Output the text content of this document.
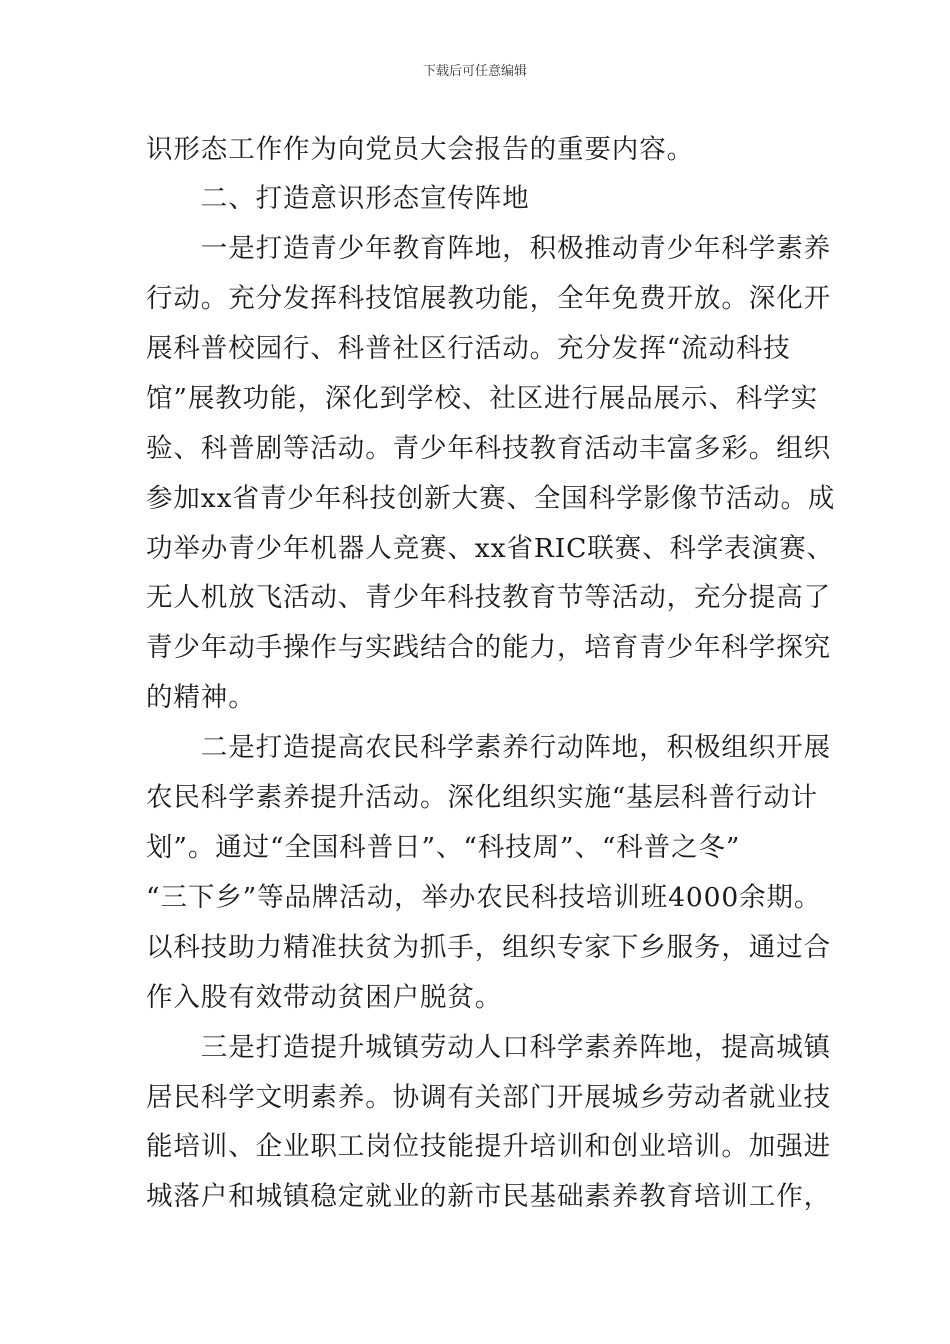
下载后可任意编辑
识形态工作作为向党员大会报告的重要内容。
　　二、打造意识形态宣传阵地
　　一是打造青少年教育阵地，积极推动青少年科学素养
行动。充分发挥科技馆展教功能，全年免费开放。深化开
展科普校园行、科普社区行活动。充分发挥“流动科技
馆”展教功能，深化到学校、社区进行展品展示、科学实
验、科普剧等活动。青少年科技教育活动丰富多彩。组织
参加xx省青少年科技创新大赛、全国科学影像节活动。成
功举办青少年机器人竞赛、xx省RIC联赛、科学表演赛、
无人机放飞活动、青少年科技教育节等活动，充分提高了
青少年动手操作与实践结合的能力，培育青少年科学探究
的精神。
　　二是打造提高农民科学素养行动阵地，积极组织开展
农民科学素养提升活动。深化组织实施“基层科普行动计
划”。通过“全国科普日”、“科技周”、“科普之冬”
“三下乡”等品牌活动，举办农民科技培训班4000余期。
以科技助力精准扶贫为抓手，组织专家下乡服务，通过合
作入股有效带动贫困户脱贫。
　　三是打造提升城镇劳动人口科学素养阵地，提高城镇
居民科学文明素养。协调有关部门开展城乡劳动者就业技
能培训、企业职工岗位技能提升培训和创业培训。加强进
城落户和城镇稳定就业的新市民基础素养教育培训工作，
